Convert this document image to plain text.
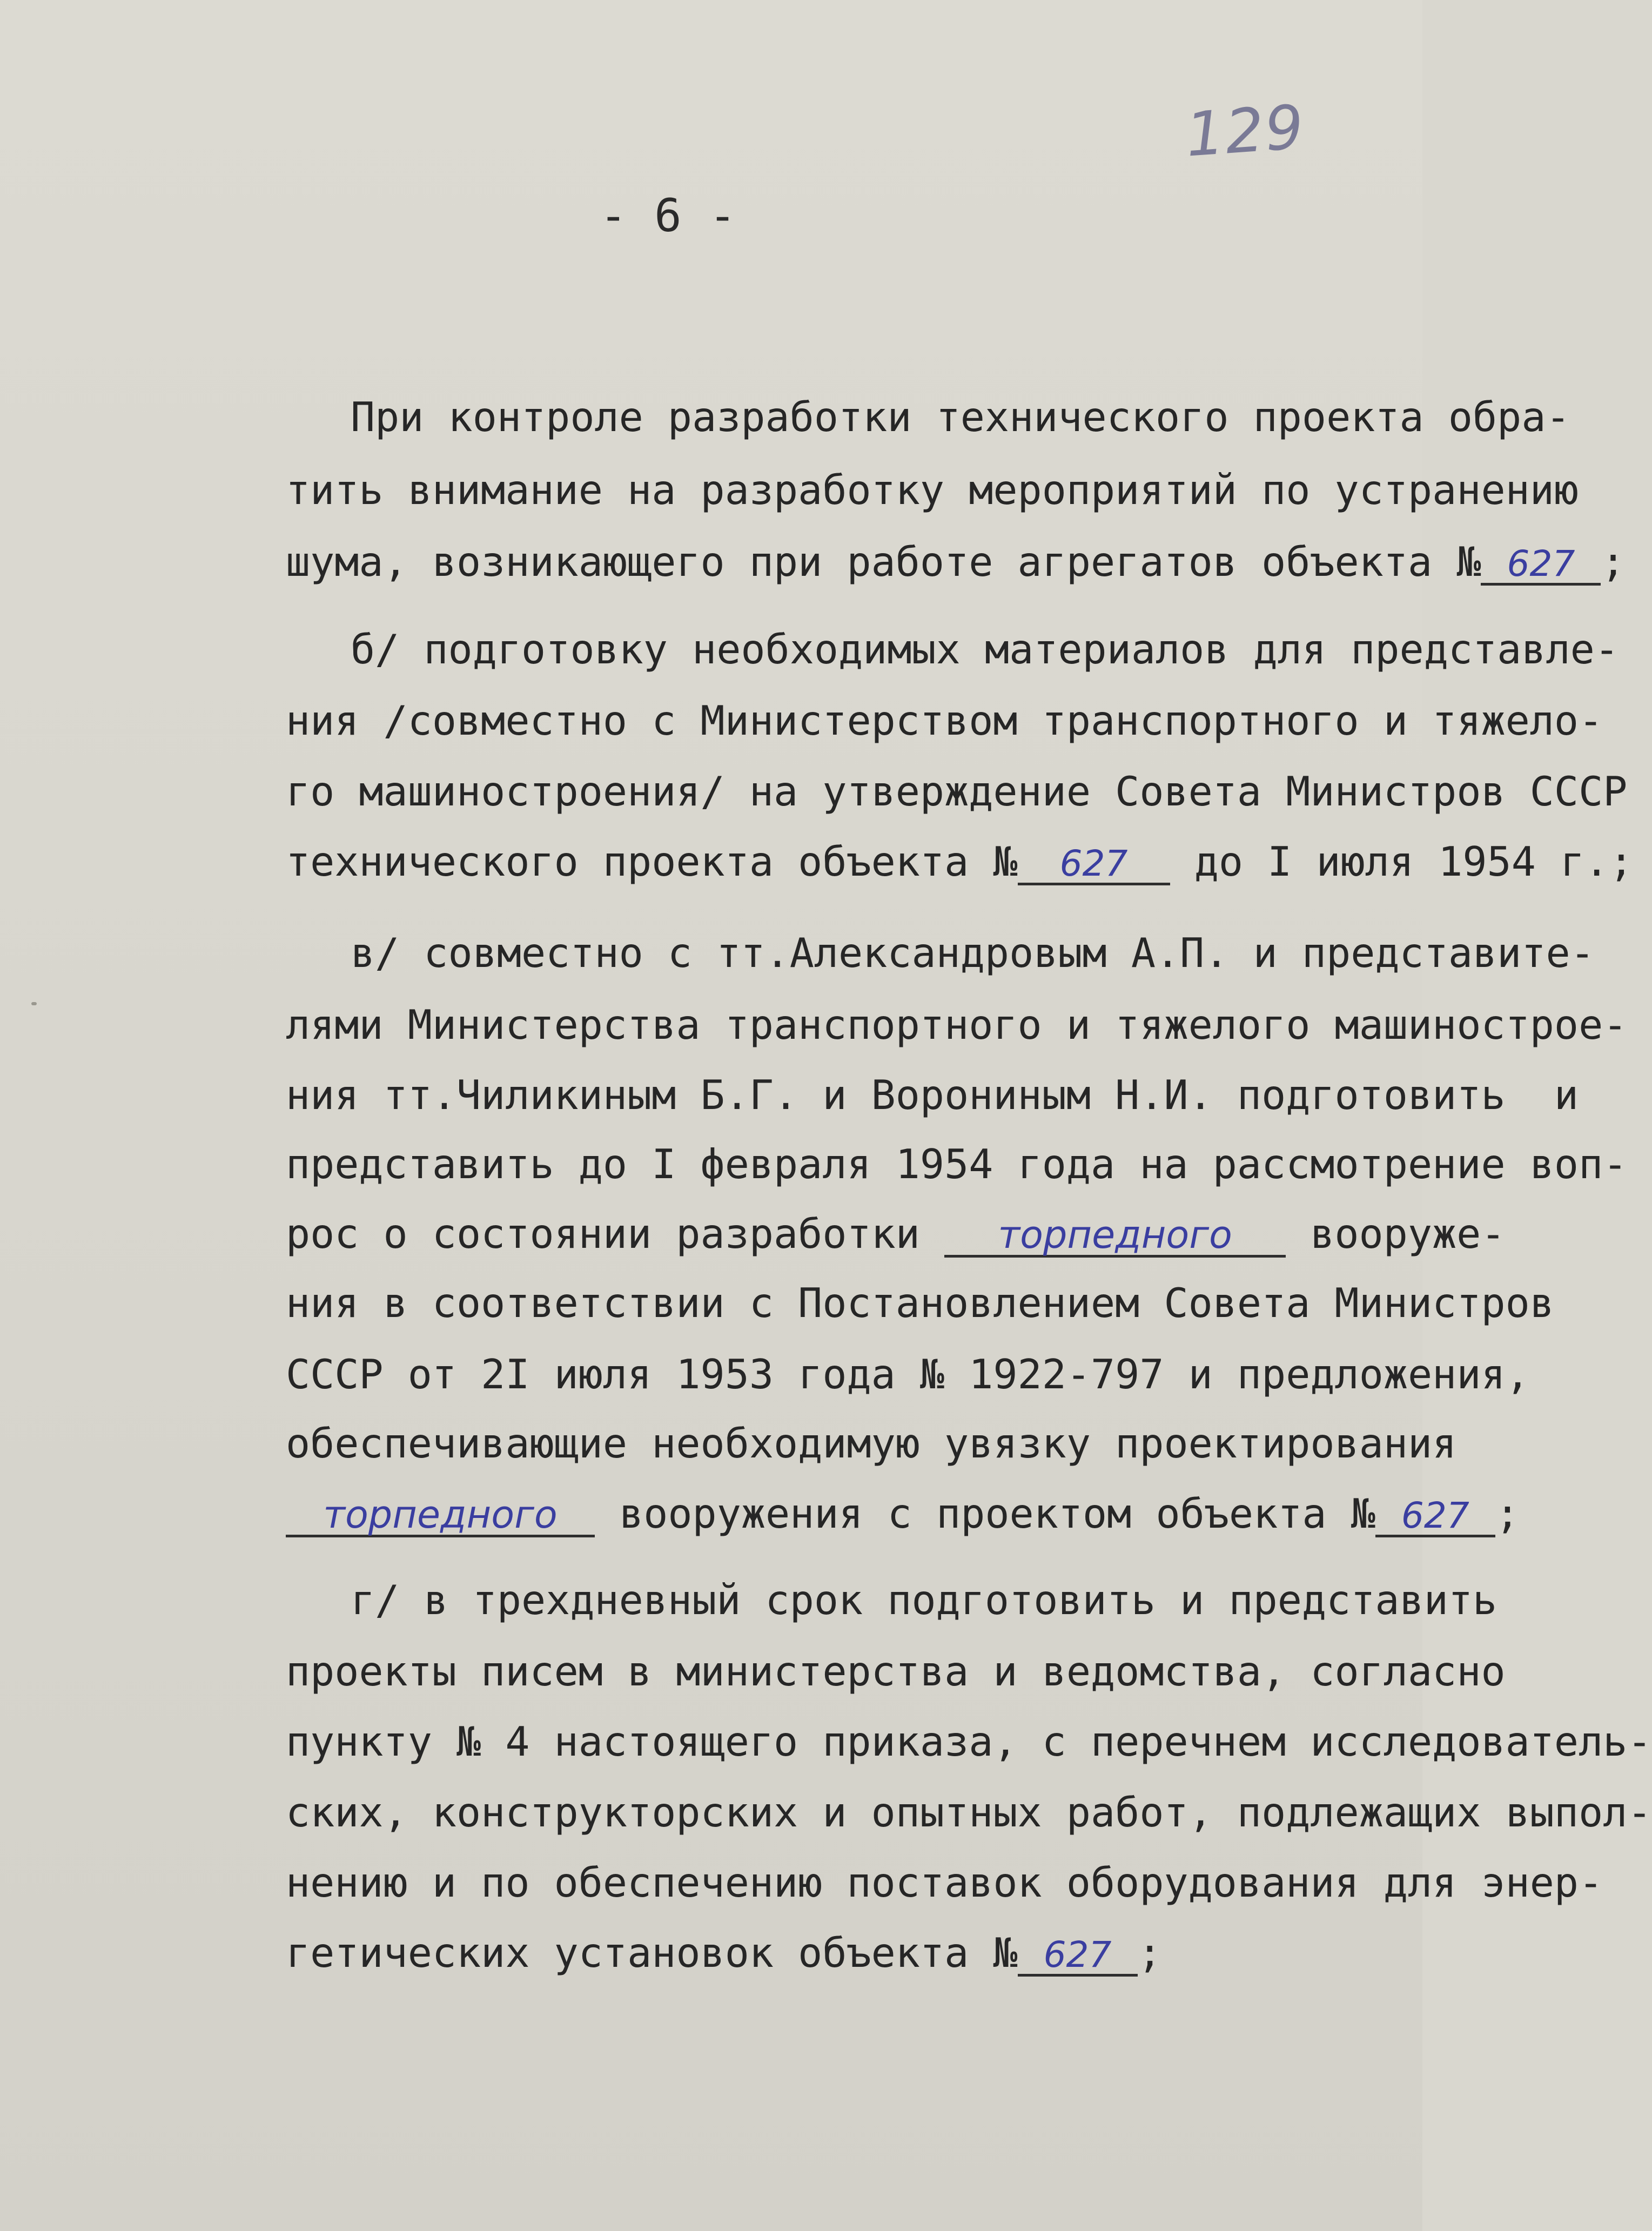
129
- 6 -

При контроле разработки технического проекта обра-

тить внимание на разработку мероприятий по устранению

шума, возникающего при работе агрегатов объекта № 627 ;

б/ подготовку необходимых материалов для представле-

ния /совместно с Министерством транспортного и тяжело-

го машиностроения/ на утверждение Совета Министров СССР

технического проекта объекта № 627 до I июля 1954 г.;

в/ совместно с тт.Александровым А.П. и представите-

лями Министерства транспортного и тяжелого машинострое-

ния тт.Чиликиным Б.Г. и Ворониным Н.И. подготовить  и

представить до I февраля 1954 года на рассмотрение воп-

рос о состоянии разработки торпедного вооруже-

ния в соответствии с Постановлением Совета Министров

СССР от 2I июля 1953 года № 1922-797 и предложения,

обеспечивающие необходимую увязку проектирования

торпедного вооружения с проектом объекта № 627 ;

г/ в трехдневный срок подготовить и представить

проекты писем в министерства и ведомства, согласно

пункту № 4 настоящего приказа, с перечнем исследователь-

ских, конструкторских и опытных работ, подлежащих выпол-

нению и по обеспечению поставок оборудования для энер-

гетических установок объекта № 627 ;
